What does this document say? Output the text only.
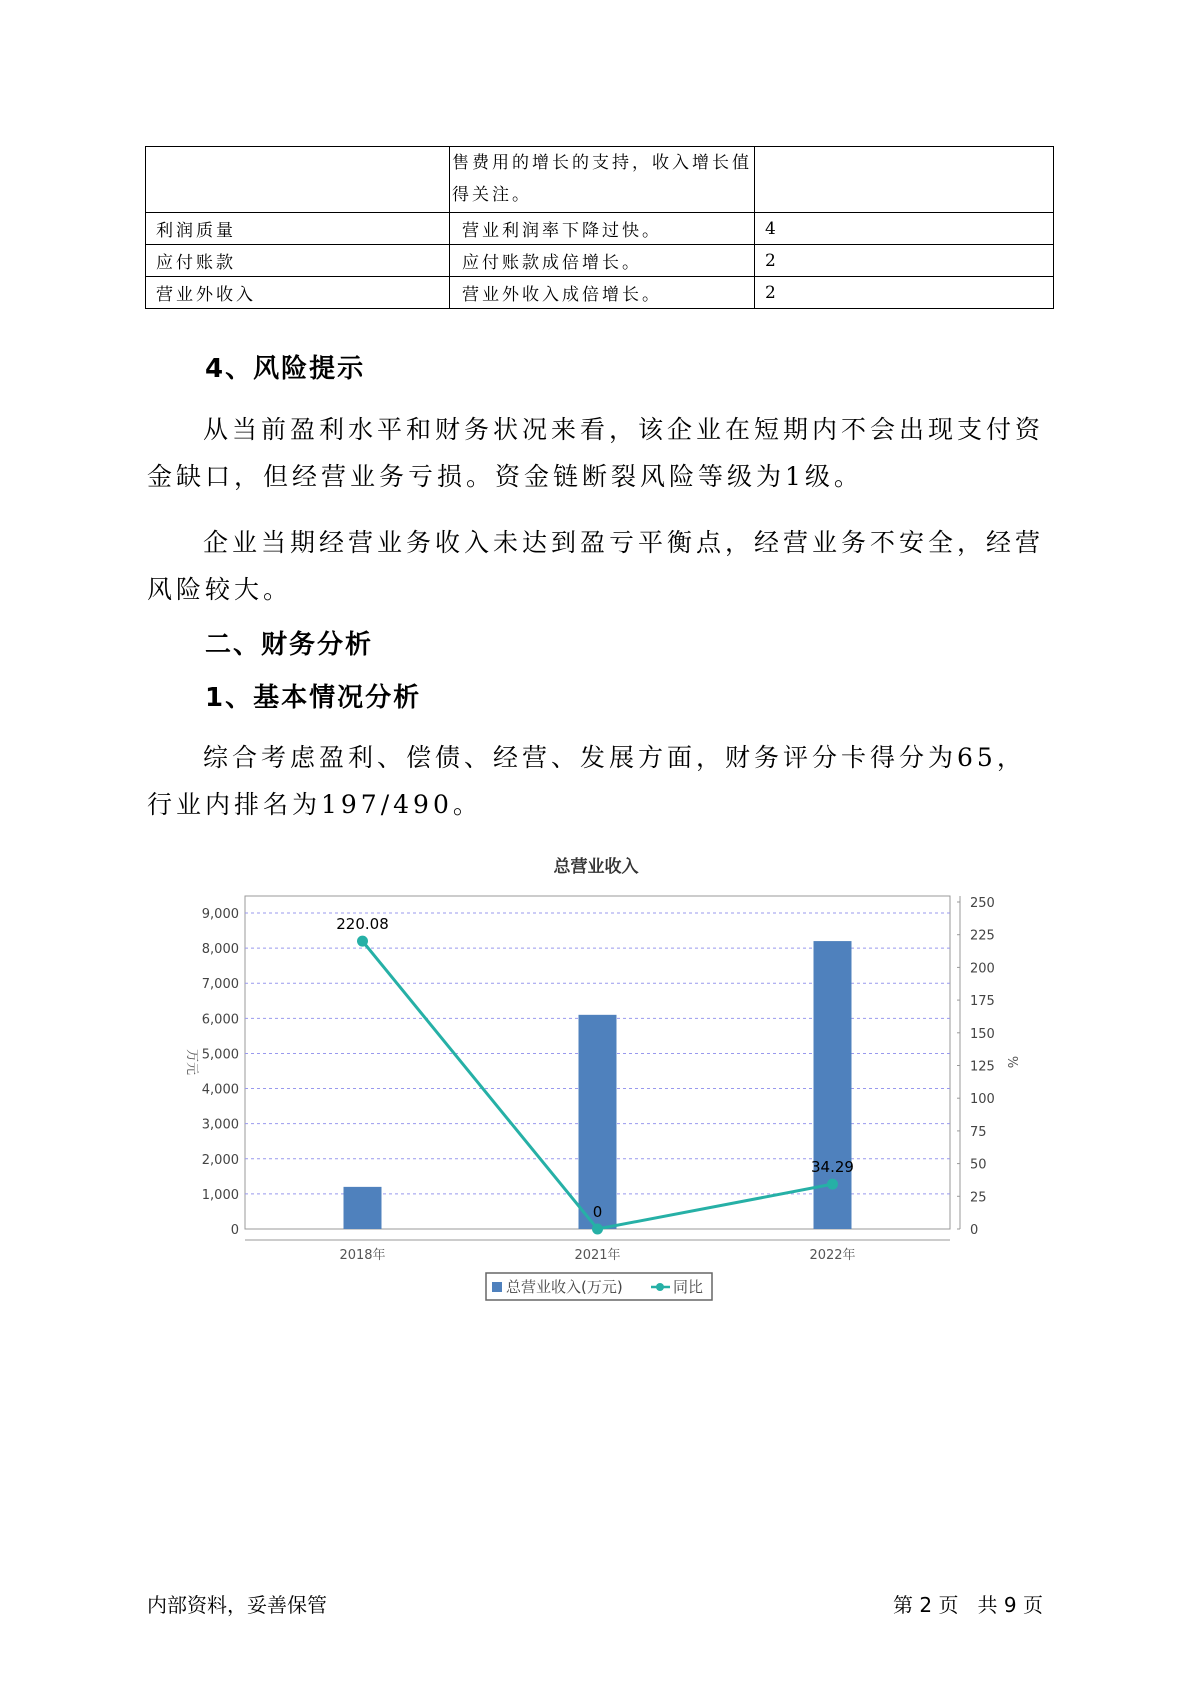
	售费用的增长的支持，收入增长值
得关注。	

利润质量	营业利润率下降过快。	4
应付账款	应付账款成倍增长。	2
营业外收入	营业外收入成倍增长。	2
4、风险提示

从当前盈利水平和财务状况来看，该企业在短期内不会出现支付资金缺口，但经营业务亏损。资金链断裂风险等级为1级。

企业当期经营业务收入未达到盈亏平衡点，经营业务不安全，经营风险较大。

二、财务分析
1、基本情况分析

综合考虑盈利、偿债、经营、发展方面，财务评分卡得分为65，行业内排名为197/490。

总营业收入
0
1,000
2,000
3,000
4,000
5,000
6,000
7,000
8,000
9,000
0
25
50
75
100
125
150
175
200
225
250
万元	%
220.08
0
34.29
2018年	2021年	2022年
总营业收入(万元)	同比
内部资料，妥善保管	第 2 页   共 9 页
